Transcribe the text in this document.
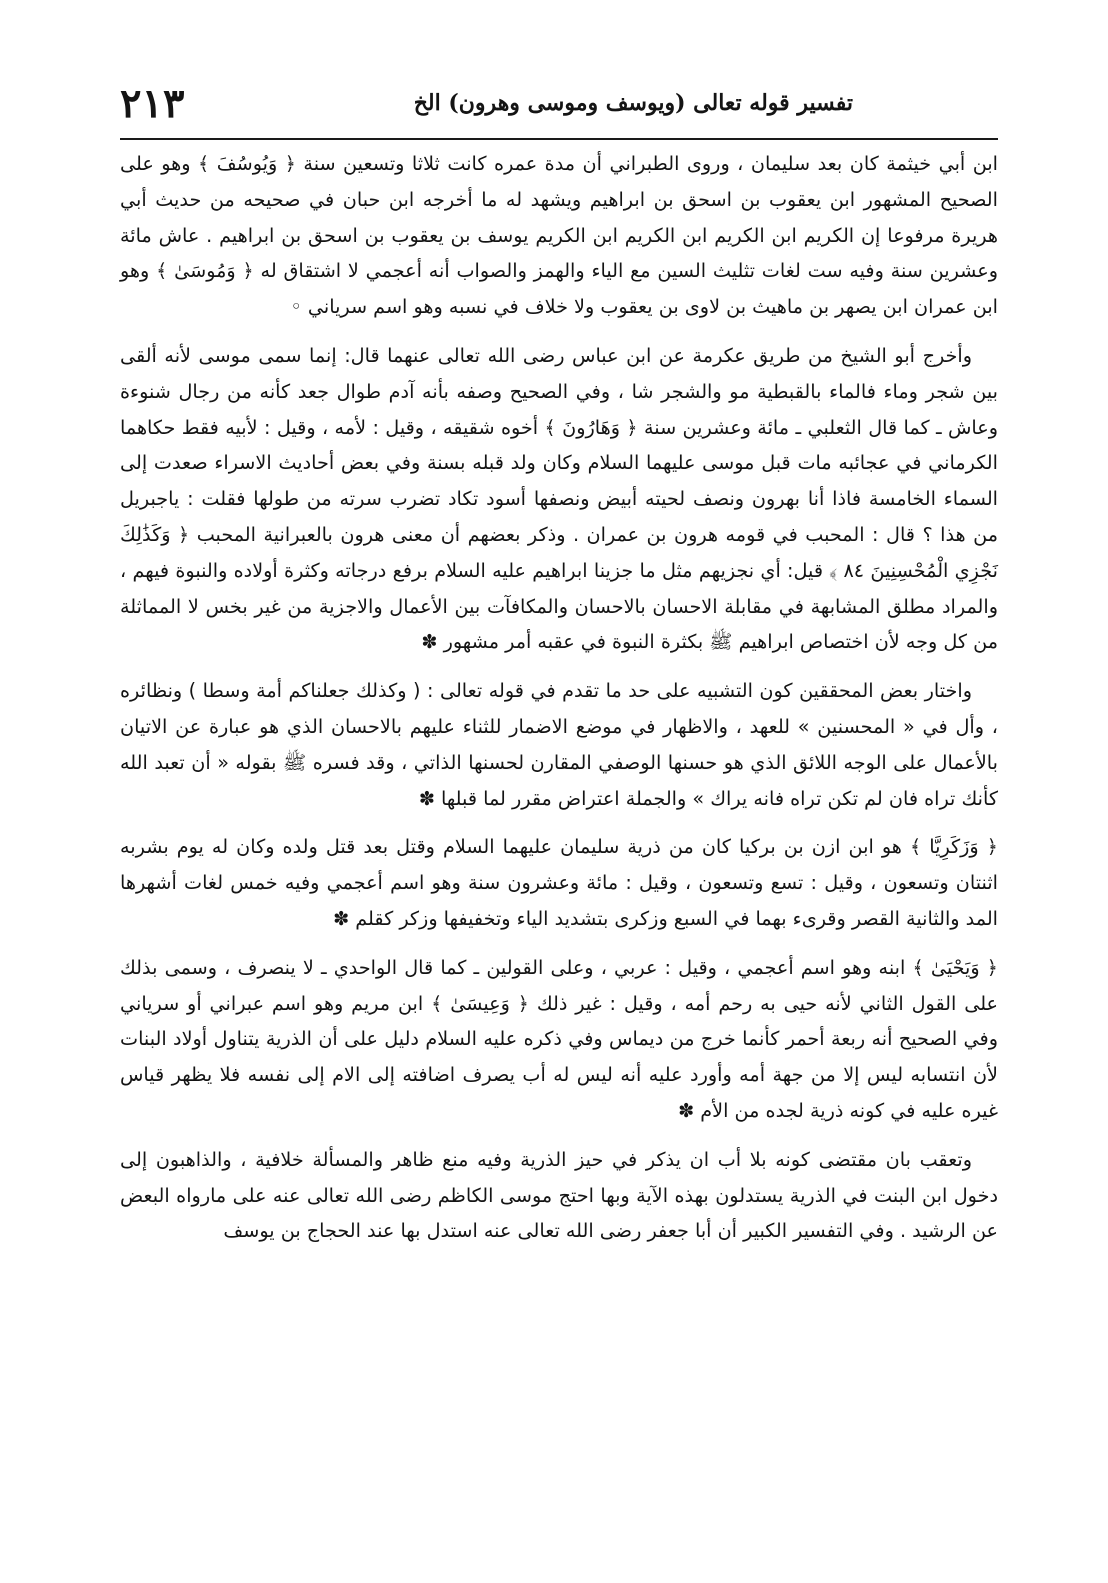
٢١٣	تفسير قوله تعالى (ويوسف وموسى وهرون) الخ

ابن أبي خيثمة كان بعد سليمان ، وروى الطبراني أن مدة عمره كانت ثلاثا وتسعين سنة ﴿ وَيُوسُفَ ﴾ وهو على الصحيح المشهور ابن يعقوب بن اسحق بن ابراهيم ويشهد له ما أخرجه ابن حبان في صحيحه من حديث أبي هريرة مرفوعا إن الكريم ابن الكريم ابن الكريم ابن الكريم يوسف بن يعقوب بن اسحق بن ابراهيم . عاش مائة وعشرين سنة وفيه ست لغات تثليث السين مع الياء والهمز والصواب أنه أعجمي لا اشتقاق له ﴿ وَمُوسَىٰ ﴾ وهو ابن عمران ابن يصهر بن ماهيث بن لاوى بن يعقوب ولا خلاف في نسبه وهو اسم سرياني ◦

وأخرج أبو الشيخ من طريق عكرمة عن ابن عباس رضى الله تعالى عنهما قال: إنما سمى موسى لأنه ألقى بين شجر وماء فالماء بالقبطية مو والشجر شا ، وفي الصحيح وصفه بأنه آدم طوال جعد كأنه من رجال شنوءة وعاش ـ كما قال الثعلبي ـ مائة وعشرين سنة ﴿ وَهَارُونَ ﴾ أخوه شقيقه ، وقيل : لأمه ، وقيل : لأبيه فقط حكاهما الكرماني في عجائبه مات قبل موسى عليهما السلام وكان ولد قبله بسنة وفي بعض أحاديث الاسراء صعدت إلى السماء الخامسة فاذا أنا بهرون ونصف لحيته أبيض ونصفها أسود تكاد تضرب سرته من طولها فقلت : ياجبريل من هذا ؟ قال : المحبب في قومه هرون بن عمران . وذكر بعضهم أن معنى هرون بالعبرانية المحبب ﴿ وَكَذَٰلِكَ نَجْزِي الْمُحْسِنِينَ ٨٤ ﴾ قيل: أي نجزيهم مثل ما جزينا ابراهيم عليه السلام برفع درجاته وكثرة أولاده والنبوة فيهم ، والمراد مطلق المشابهة في مقابلة الاحسان بالاحسان والمكافآت بين الأعمال والاجزية من غير بخس لا المماثلة من كل وجه لأن اختصاص ابراهيم ﷺ بكثرة النبوة في عقبه أمر مشهور ✽

واختار بعض المحققين كون التشبيه على حد ما تقدم في قوله تعالى : ( وكذلك جعلناكم أمة وسطا ) ونظائره ، وأل في « المحسنين » للعهد ، والاظهار في موضع الاضمار للثناء عليهم بالاحسان الذي هو عبارة عن الاتيان بالأعمال على الوجه اللائق الذي هو حسنها الوصفي المقارن لحسنها الذاتي ، وقد فسره ﷺ بقوله « أن تعبد الله كأنك تراه فان لم تكن تراه فانه يراك » والجملة اعتراض مقرر لما قبلها ✽

﴿ وَزَكَرِيَّا ﴾ هو ابن ازن بن بركيا كان من ذرية سليمان عليهما السلام وقتل بعد قتل ولده وكان له يوم بشربه اثنتان وتسعون ، وقيل : تسع وتسعون ، وقيل : مائة وعشرون سنة وهو اسم أعجمي وفيه خمس لغات أشهرها المد والثانية القصر وقرىء بهما في السبع وزكرى بتشديد الياء وتخفيفها وزكر كقلم ✽

﴿ وَيَحْيَىٰ ﴾ ابنه وهو اسم أعجمي ، وقيل : عربي ، وعلى القولين ـ كما قال الواحدي ـ لا ينصرف ، وسمى بذلك على القول الثاني لأنه حيى به رحم أمه ، وقيل : غير ذلك ﴿ وَعِيسَىٰ ﴾ ابن مريم وهو اسم عبراني أو سرياني وفي الصحيح أنه ربعة أحمر كأنما خرج من ديماس وفي ذكره عليه السلام دليل على أن الذرية يتناول أولاد البنات لأن انتسابه ليس إلا من جهة أمه وأورد عليه أنه ليس له أب يصرف اضافته إلى الام إلى نفسه فلا يظهر قياس غيره عليه في كونه ذرية لجده من الأم ✽

وتعقب بان مقتضى كونه بلا أب ان يذكر في حيز الذرية وفيه منع ظاهر والمسألة خلافية ، والذاهبون إلى دخول ابن البنت في الذرية يستدلون بهذه الآية وبها احتج موسى الكاظم رضى الله تعالى عنه على مارواه البعض عن الرشيد . وفي التفسير الكبير أن أبا جعفر رضى الله تعالى عنه استدل بها عند الحجاج بن يوسف
